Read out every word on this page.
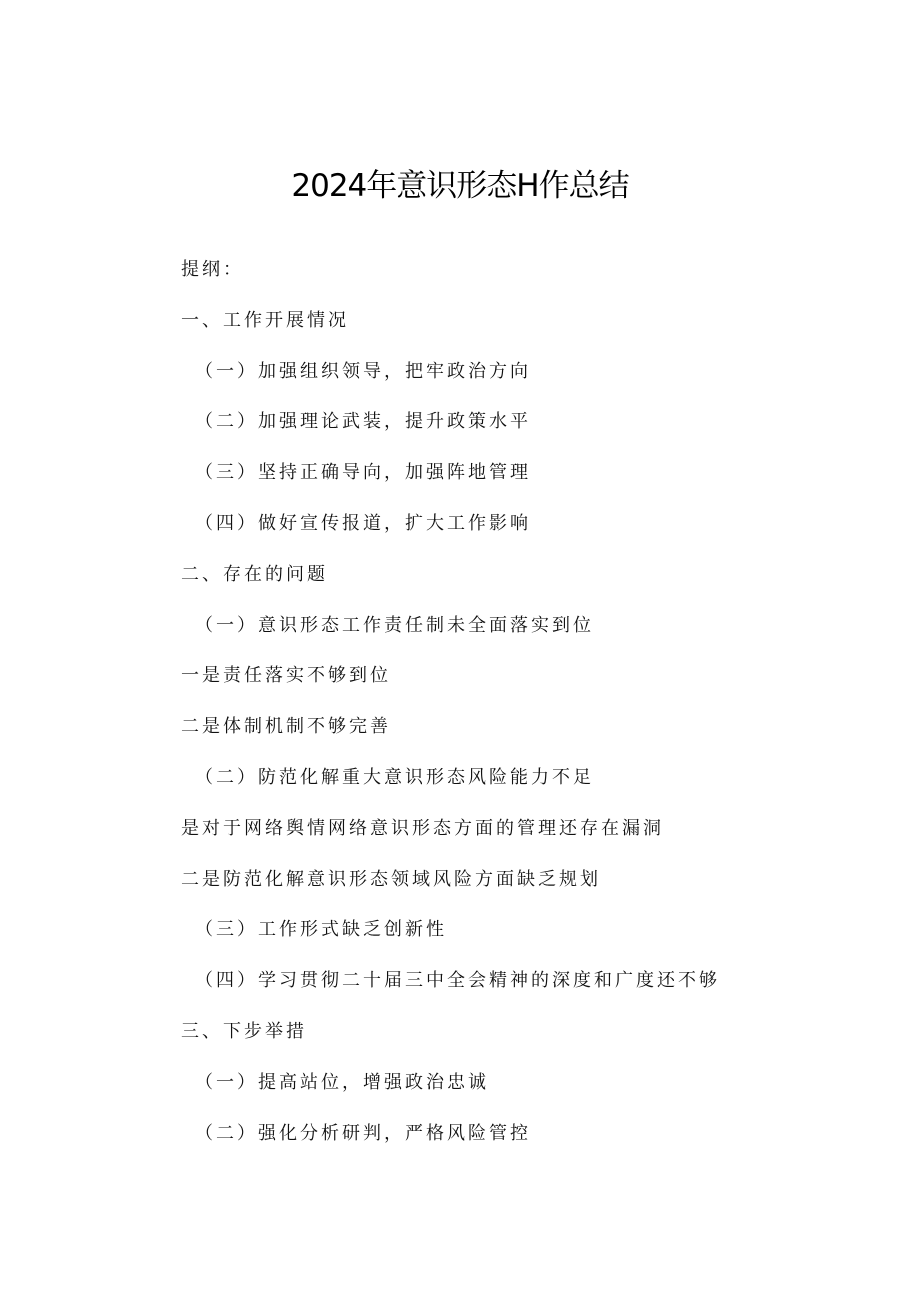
2024年意识形态H作总结
提纲：
一、工作开展情况
（一）加强组织领导，把牢政治方向
（二）加强理论武装，提升政策水平
（三）坚持正确导向，加强阵地管理
（四）做好宣传报道，扩大工作影响
二、存在的问题
（一）意识形态工作责任制未全面落实到位
一是责任落实不够到位
二是体制机制不够完善
（二）防范化解重大意识形态风险能力不足
是对于网络舆情网络意识形态方面的管理还存在漏洞
二是防范化解意识形态领域风险方面缺乏规划
（三）工作形式缺乏创新性
（四）学习贯彻二十届三中全会精神的深度和广度还不够
三、下步举措
（一）提高站位，增强政治忠诚
（二）强化分析研判，严格风险管控
